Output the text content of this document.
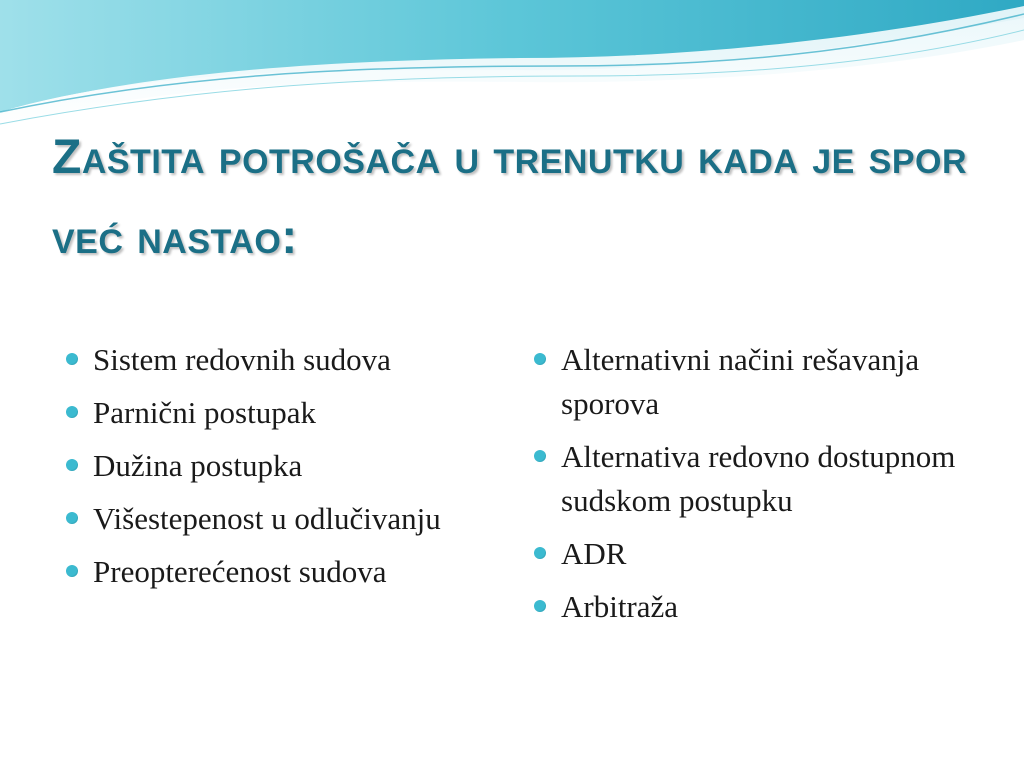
Zaštita potrošača u trenutku kada je spor već nastao:
Sistem redovnih sudova
Parnični postupak
Dužina postupka
Višestepenost u odlučivanju
Preopterećenost sudova
Alternativni načini rešavanja sporova
Alternativa redovno dostupnom sudskom postupku
ADR
Arbitraža
